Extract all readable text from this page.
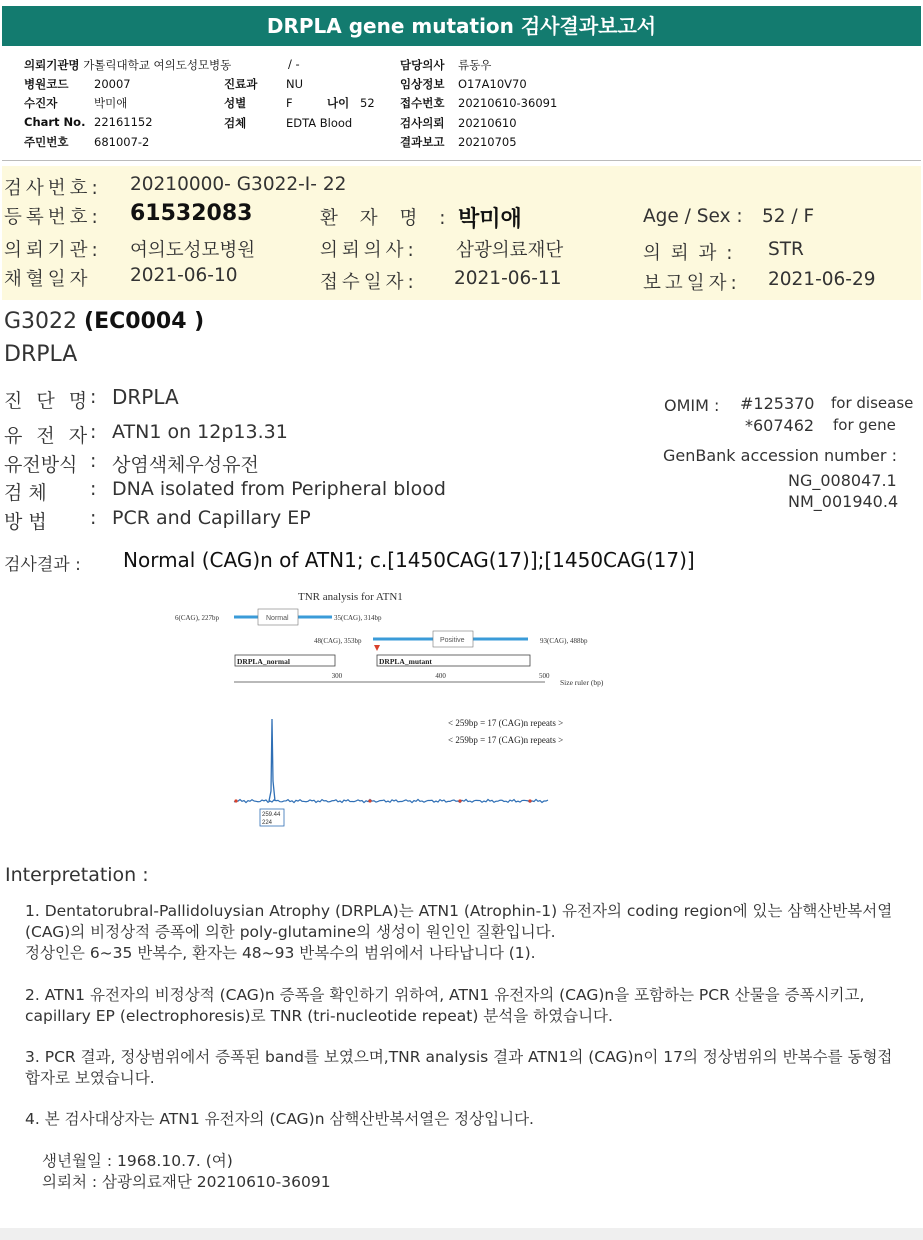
DRPLA gene mutation 검사결과보고서
의뢰기관명 가톨릭대학교 여의도성모병동
병원코드 20007
수진자	박미애
Chart No. 22161152
주민번호 681007-2
/ -
진료과 NU
성별	F	나이 52
검체	EDTA Blood
담당의사 류동우
임상정보 O17A10V70
접수번호 20210610-36091
검사의뢰 20210610
결과보고 20210705
검사번호: 20210000- G3022-I- 22
등록번호: 61532083	환 자 명 : 박미애	Age / Sex : 52 / F
의뢰기관: 여의도성모병원	의뢰의사: 삼광의료재단	의 뢰 과 : STR
채혈일자 2021-06-10	접수일자: 2021-06-11	보고일자: 2021-06-29
G3022 (EC0004 )
DRPLA
진 단 명
: DRPLA
유 전 자
: ATN1 on 12p13.31
유전방식 : 상염색체우성유전
검 체 : DNA isolated from Peripheral blood
방 법 : PCR and Capillary EP
OMIM : #125370 for disease
*607462 for gene
GenBank accession number :
NG_008047.1
NM_001940.4
검사결과 : Normal (CAG)n of ATN1; c.[1450CAG(17)];[1450CAG(17)]
TNR analysis for ATN1
6(CAG), 227bp	Normal	35(CAG), 314bp
48(CAG), 353bp	Positive	93(CAG), 488bp
DRPLA_normal	DRPLA_mutant
300	400	500
Size ruler (bp)
< 259bp = 17 (CAG)n repeats >
< 259bp = 17 (CAG)n repeats >
259.44
224
Interpretation :
1. Dentatorubral-Pallidoluysian Atrophy (DRPLA)는 ATN1 (Atrophin-1) 유전자의 coding region에 있는 삼핵산반복서열 (CAG)의 비정상적 증폭에 의한 poly-glutamine의 생성이 원인인 질환입니다.
정상인은 6~35 반복수, 환자는 48~93 반복수의 범위에서 나타납니다 (1).
2. ATN1 유전자의 비정상적 (CAG)n 증폭을 확인하기 위하여, ATN1 유전자의 (CAG)n을 포함하는 PCR 산물을 증폭시키고, capillary EP (electrophoresis)로 TNR (tri-nucleotide repeat) 분석을 하였습니다.
3. PCR 결과, 정상범위에서 증폭된 band를 보였으며,TNR analysis 결과 ATN1의 (CAG)n이 17의 정상범위의 반복수를 동형접합자로 보였습니다.
4. 본 검사대상자는 ATN1 유전자의 (CAG)n 삼핵산반복서열은 정상입니다.
생년월일 : 1968.10.7. (여)
의뢰처 : 삼광의료재단 20210610-36091
